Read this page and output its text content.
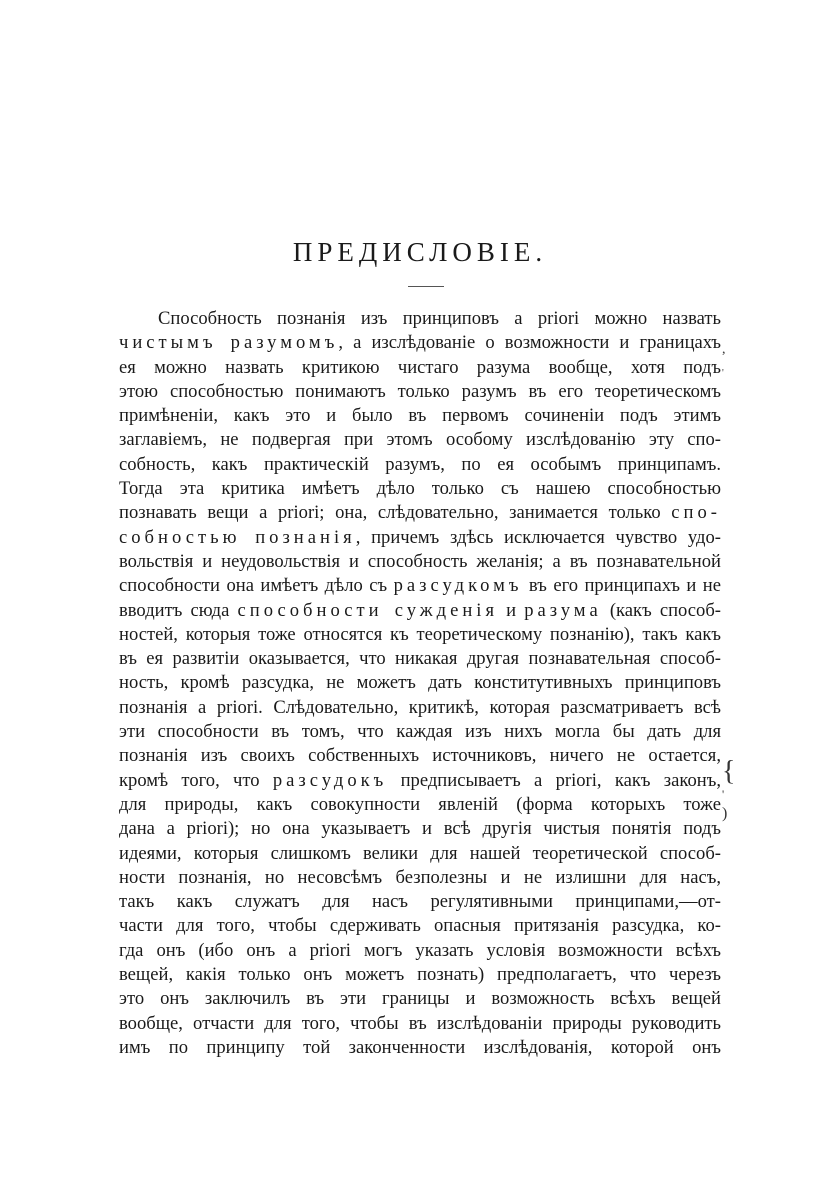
ПРЕДИСЛОВІЕ.
Способность познанія изъ принциповъ a priori можно назвать
чистымъ разумомъ, а изслѣдованіе о возможности и границахъ
ея можно назвать критикою чистаго разума вообще, хотя подъ
этою способностью понимаютъ только разумъ въ его теоретическомъ
примѣненіи, какъ это и было въ первомъ сочиненіи подъ этимъ
заглавіемъ, не подвергая при этомъ особому изслѣдованію эту спо-
собность, какъ практическій разумъ, по ея особымъ принципамъ.
Тогда эта критика имѣетъ дѣло только съ нашею способностью
познавать вещи a priori; она, слѣдовательно, занимается только спо-
собностью познанія, причемъ здѣсь исключается чувство удо-
вольствія и неудовольствія и способность желанія; а въ познавательной
способности она имѣетъ дѣло съ разсудкомъ въ его принципахъ и не
вводитъ сюда способности сужденія и разума (какъ способ-
ностей, которыя тоже относятся къ теоретическому познанію), такъ какъ
въ ея развитіи оказывается, что никакая другая познавательная способ-
ность, кромѣ разсудка, не можетъ дать конститутивныхъ принциповъ
познанія a priori. Слѣдовательно, критикѣ, которая разсматриваетъ всѣ
эти способности въ томъ, что каждая изъ нихъ могла бы дать для
познанія изъ своихъ собственныхъ источниковъ, ничего не остается,
кромѣ того, что разсудокъ предписываетъ a priori, какъ законъ,
для природы, какъ совокупности явленій (форма которыхъ тоже
дана a priori); но она указываетъ и всѣ другія чистыя понятія подъ
идеями, которыя слишкомъ велики для нашей теоретической способ-
ности познанія, но несовсѣмъ безполезны и не излишни для насъ,
такъ какъ служатъ для насъ регулятивными принципами,—от-
части для того, чтобы сдерживать опасныя притязанія разсудка, ко-
гда онъ (ибо онъ a priori могъ указать условія возможности всѣхъ
вещей, какія только онъ можетъ познать) предполагаетъ, что черезъ
это онъ заключилъ въ эти границы и возможность всѣхъ вещей
вообще, отчасти для того, чтобы въ изслѣдованіи природы руководить
имъ по принципу той законченности изслѣдованія, которой онъ
,
'
{
'
)
